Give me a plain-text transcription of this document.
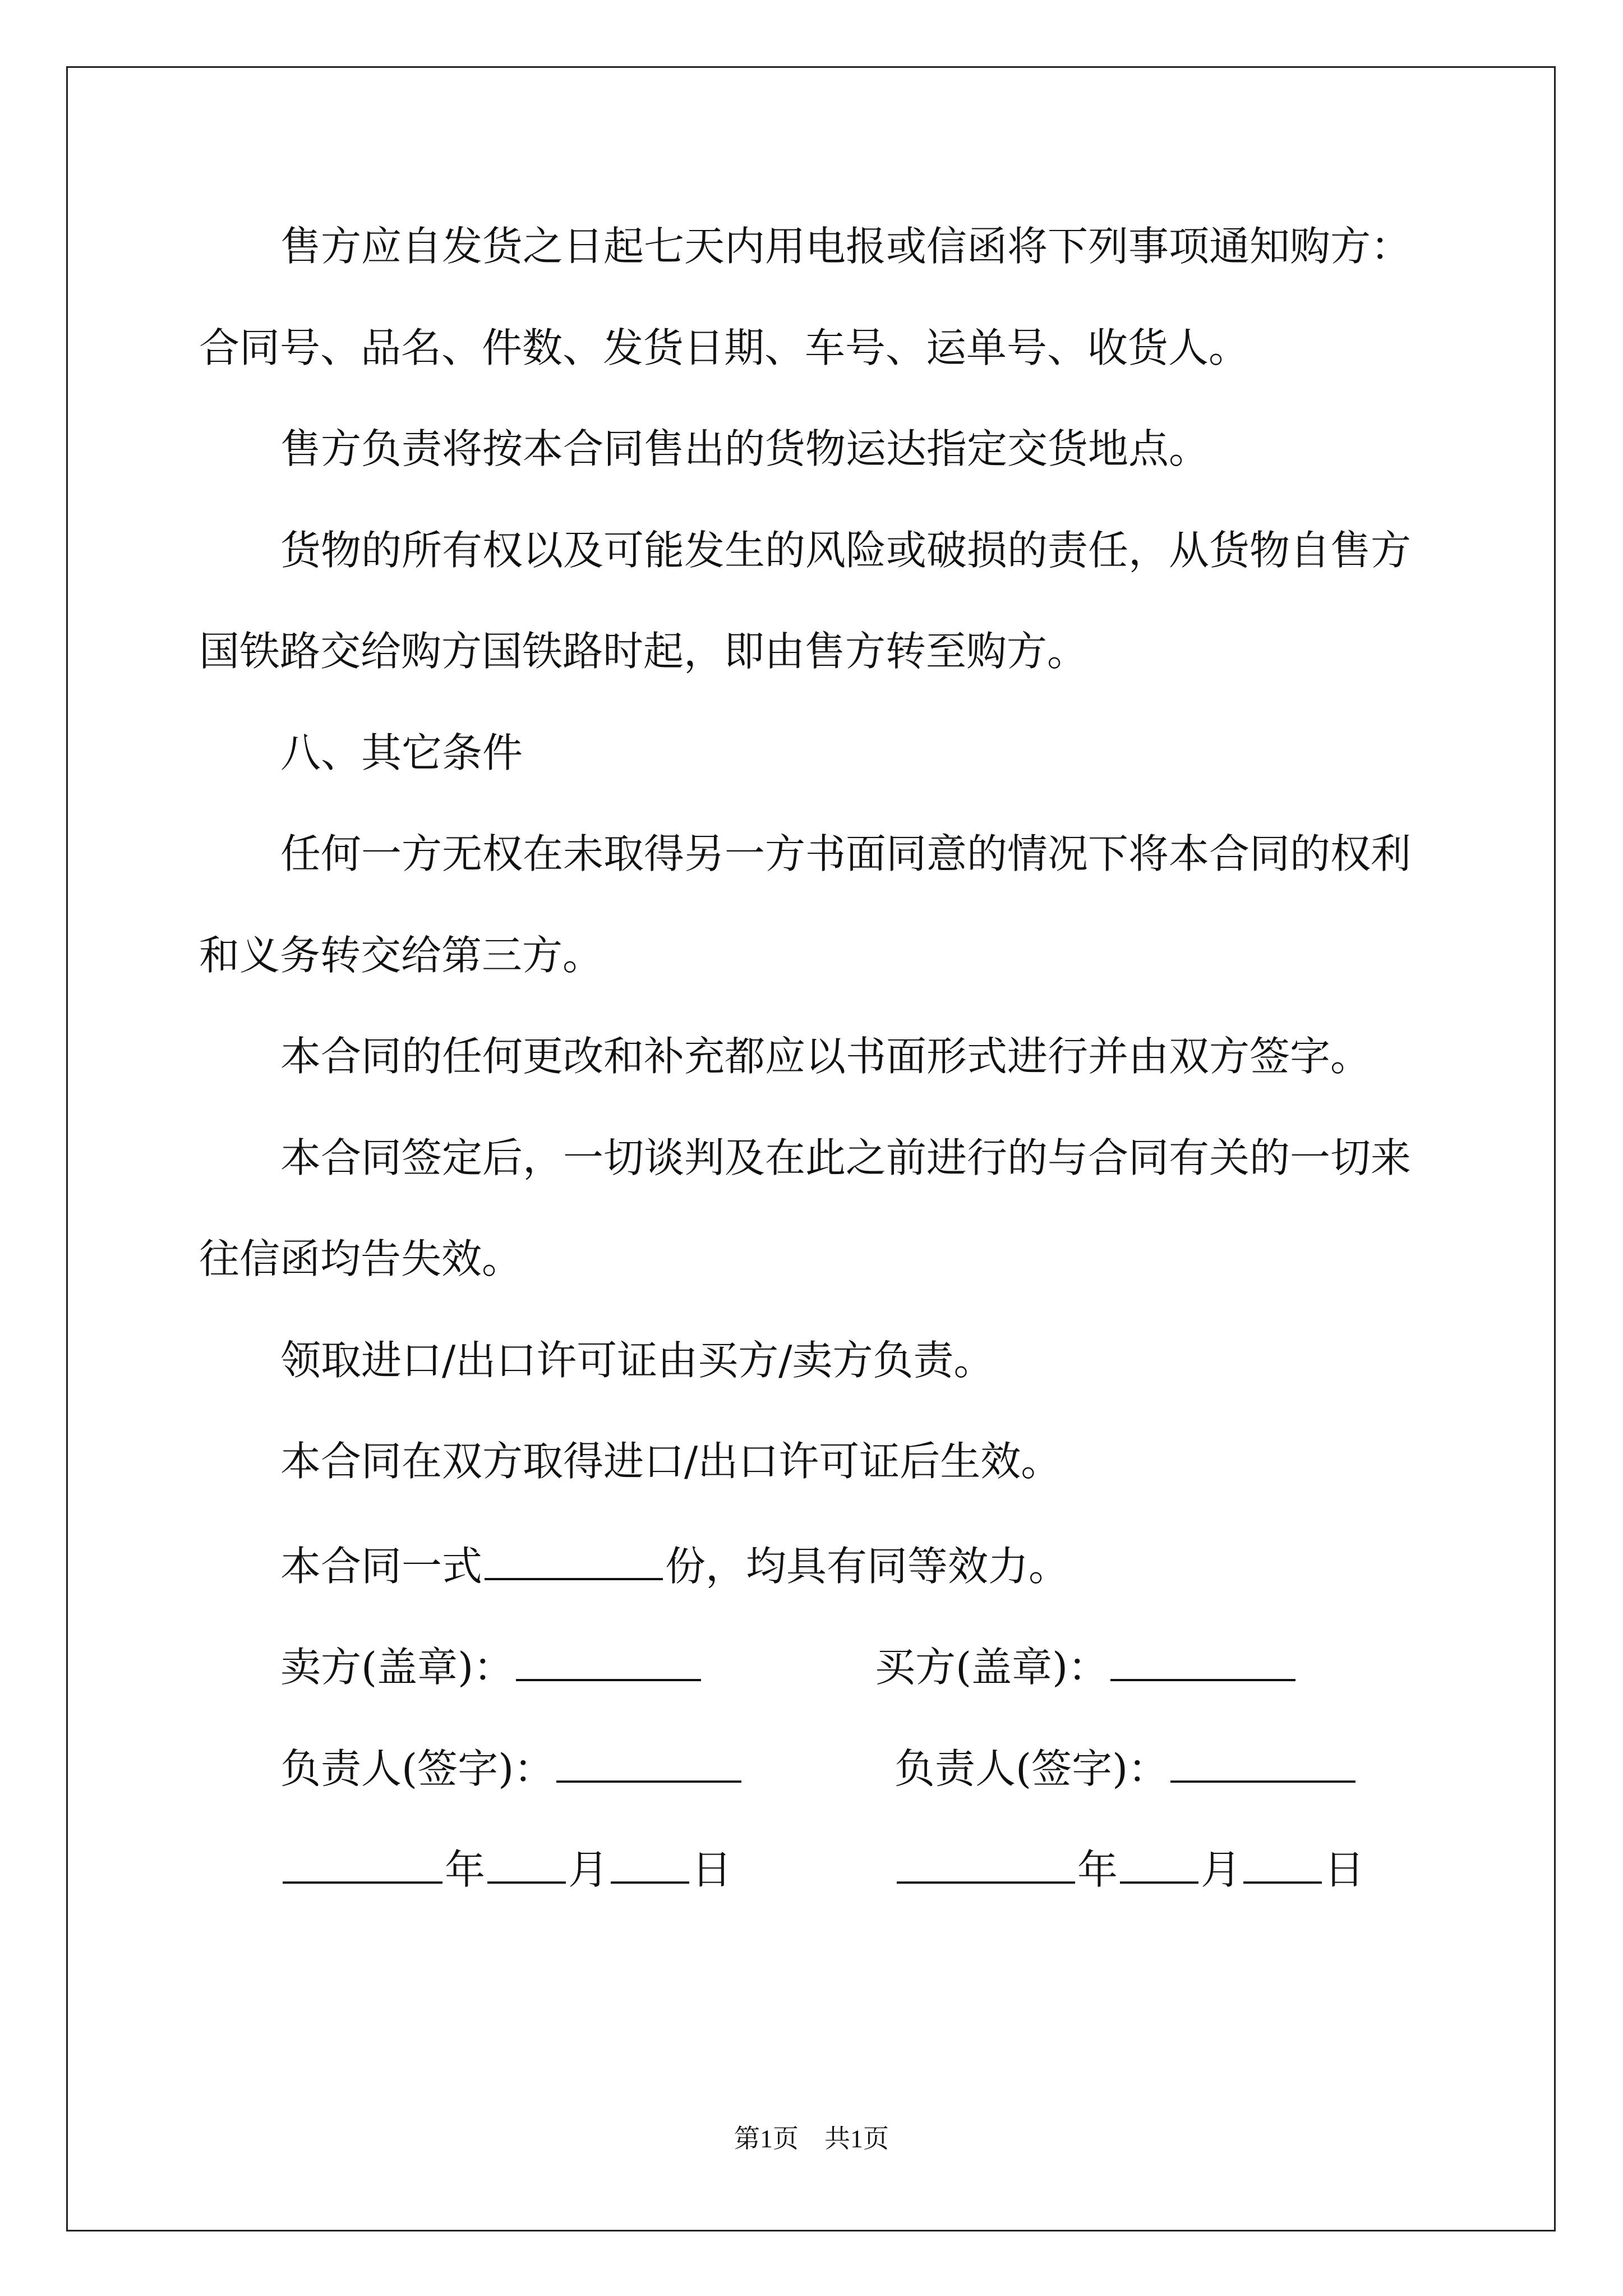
售方应自发货之日起七天内用电报或信函将下列事项通知购方：
合同号、品名、件数、发货日期、车号、运单号、收货人。
售方负责将按本合同售出的货物运达指定交货地点。
货物的所有权以及可能发生的风险或破损的责任，从货物自售方
国铁路交给购方国铁路时起，即由售方转至购方。
八、其它条件
任何一方无权在未取得另一方书面同意的情况下将本合同的权利
和义务转交给第三方。
本合同的任何更改和补充都应以书面形式进行并由双方签字。
本合同签定后，一切谈判及在此之前进行的与合同有关的一切来
往信函均告失效。
领取进口/出口许可证由买方/卖方负责。
本合同在双方取得进口/出口许可证后生效。
本合同一式	份，均具有同等效力。
卖方(盖章)：	买方(盖章)：
负责人(签字)：	负责人(签字)：
年 月 日	年 月 日
第1页　共1页
